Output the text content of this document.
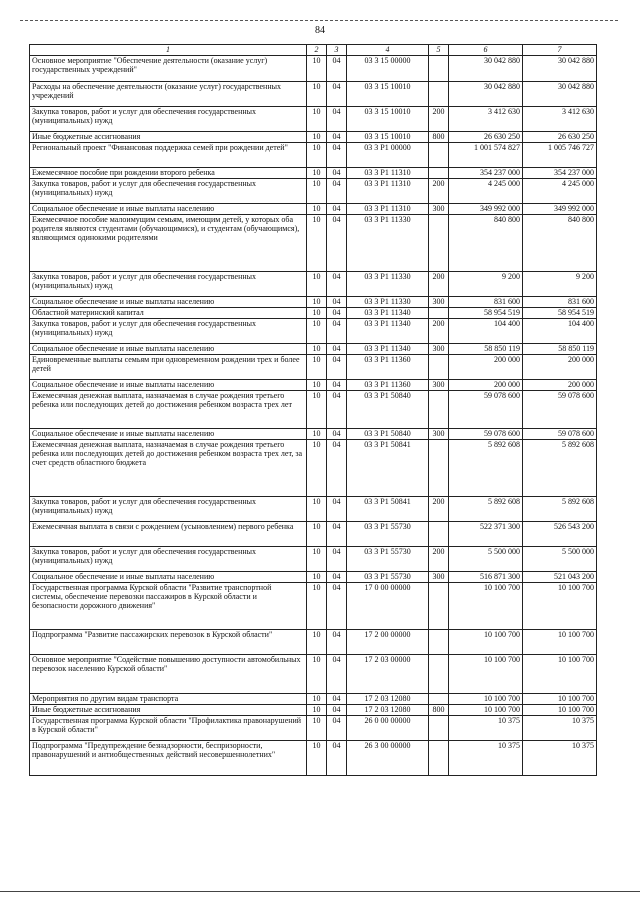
84
1	2	3	4	5	6	7
Основное мероприятие "Обеспечение деятельности (оказание услуг) государственных учреждений"	10	04	03 3 15 00000		30 042 880	30 042 880
Расходы на обеспечение деятельности (оказание услуг) государственных учреждений	10	04	03 3 15 10010		30 042 880	30 042 880
Закупка товаров, работ и услуг для обеспечения государственных (муниципальных) нужд	10	04	03 3 15 10010	200	3 412 630	3 412 630
Иные бюджетные ассигнования	10	04	03 3 15 10010	800	26 630 250	26 630 250
Региональный проект "Финансовая поддержка семей при рождении детей"	10	04	03 3 P1 00000		1 001 574 827	1 005 746 727
Ежемесячное пособие при рождении второго ребенка	10	04	03 3 P1 11310		354 237 000	354 237 000
Закупка товаров, работ и услуг для обеспечения государственных (муниципальных) нужд	10	04	03 3 P1 11310	200	4 245 000	4 245 000
Социальное обеспечение и иные выплаты населению	10	04	03 3 P1 11310	300	349 992 000	349 992 000
Ежемесячное пособие малоимущим семьям, имеющим детей, у которых оба родителя являются студентами (обучающимися), и студентам (обучающимся), являющимся одинокими родителями	10	04	03 3 P1 11330		840 800	840 800
Закупка товаров, работ и услуг для обеспечения государственных (муниципальных) нужд	10	04	03 3 P1 11330	200	9 200	9 200
Социальное обеспечение и иные выплаты населению	10	04	03 3 P1 11330	300	831 600	831 600
Областной материнский капитал	10	04	03 3 P1 11340		58 954 519	58 954 519
Закупка товаров, работ и услуг для обеспечения государственных (муниципальных) нужд	10	04	03 3 P1 11340	200	104 400	104 400
Социальное обеспечение и иные выплаты населению	10	04	03 3 P1 11340	300	58 850 119	58 850 119
Единовременные выплаты семьям при одновременном рождении трех и более детей	10	04	03 3 P1 11360		200 000	200 000
Социальное обеспечение и иные выплаты населению	10	04	03 3 P1 11360	300	200 000	200 000
Ежемесячная денежная выплата, назначаемая в случае рождения третьего ребенка или последующих детей до достижения ребенком возраста трех лет	10	04	03 3 P1 50840		59 078 600	59 078 600
Социальное обеспечение и иные выплаты населению	10	04	03 3 P1 50840	300	59 078 600	59 078 600
Ежемесячная денежная выплата, назначаемая в случае рождения третьего ребенка или последующих детей до достижения ребенком возраста трех лет, за счет средств областного бюджета	10	04	03 3 P1 50841		5 892 608	5 892 608
Закупка товаров, работ и услуг для обеспечения государственных (муниципальных) нужд	10	04	03 3 P1 50841	200	5 892 608	5 892 608
Ежемесячная выплата в связи с рождением (усыновлением) первого ребенка	10	04	03 3 P1 55730		522 371 300	526 543 200
Закупка товаров, работ и услуг для обеспечения государственных (муниципальных) нужд	10	04	03 3 P1 55730	200	5 500 000	5 500 000
Социальное обеспечение и иные выплаты населению	10	04	03 3 P1 55730	300	516 871 300	521 043 200
Государственная программа Курской области "Развитие транспортной системы, обеспечение перевозки пассажиров в Курской области и безопасности дорожного движения"	10	04	17 0 00 00000		10 100 700	10 100 700
Подпрограмма "Развитие пассажирских перевозок в Курской области"	10	04	17 2 00 00000		10 100 700	10 100 700
Основное мероприятие "Содействие повышению доступности автомобильных перевозок населению Курской области"	10	04	17 2 03 00000		10 100 700	10 100 700
Мероприятия по другим видам транспорта	10	04	17 2 03 12080		10 100 700	10 100 700
Иные бюджетные ассигнования	10	04	17 2 03 12080	800	10 100 700	10 100 700
Государственная программа Курской области "Профилактика правонарушений в Курской области"	10	04	26 0 00 00000		10 375	10 375
Подпрограмма "Предупреждение безнадзорности, беспризорности, правонарушений и антиобщественных действий несовершеннолетних"	10	04	26 3 00 00000		10 375	10 375
